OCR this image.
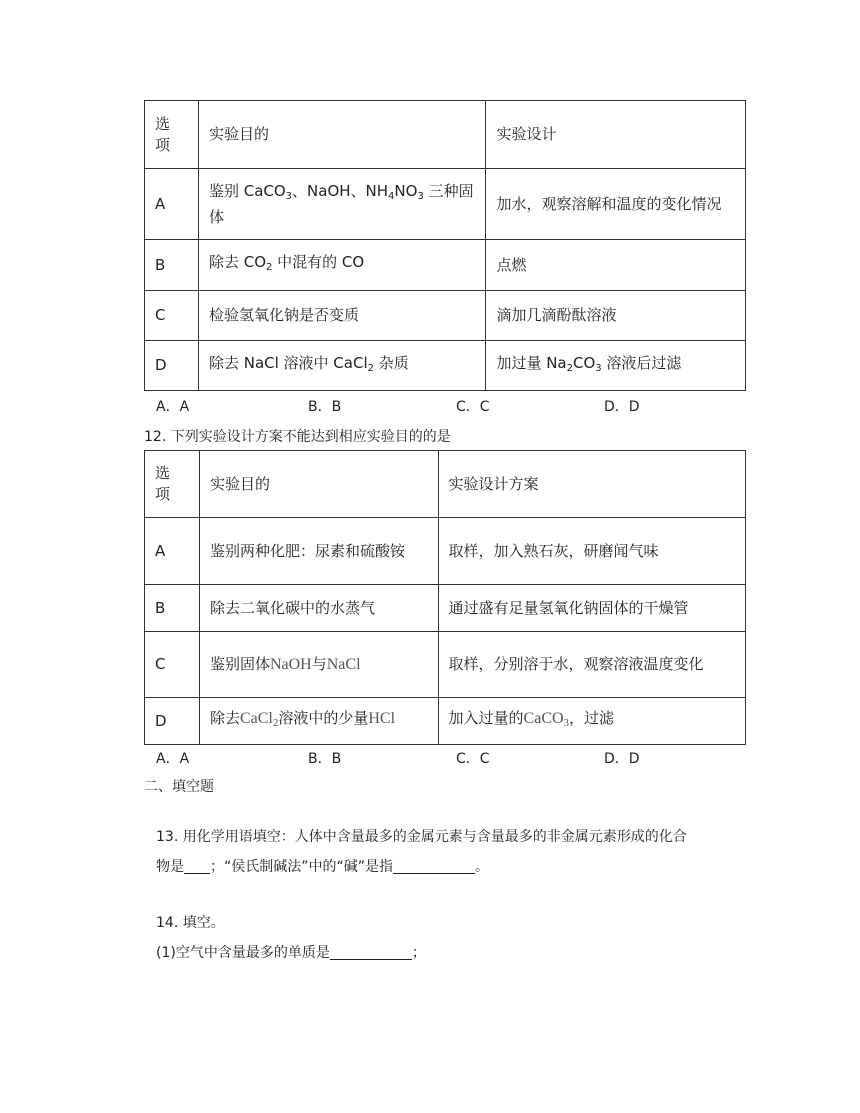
选
项	实验目的	实验设计
A	鉴别 CaCO$_3$、NaOH、$NH_4NO_3$ 三种固体	加水，观察溶解和温度的变化情况
B	除去 $CO_2$ 中混有的 CO	点燃
C	检验氢氧化钠是否变质	滴加几滴酚酞溶液
D	除去 NaCl 溶液中 CaCl$_2$ 杂质	加过量 $Na_2CO_3$ 溶液后过滤
A．A	B．B	C．C	D．D
12. 下列实验设计方案不能达到相应实验目的的是
选
项	实验目的	实验设计方案
A	鉴别两种化肥：尿素和硫酸铵	取样，加入熟石灰，研磨闻气味
B	除去二氧化碳中的水蒸气	通过盛有足量氢氧化钠固体的干燥管
C	鉴别固体NaOH与NaCl	取样，分别溶于水，观察溶液温度变化
D	除去CaCl$_2$溶液中的少量HCl	加入过量的CaCO$_3$，过滤
A．A	B．B	C．C	D．D
二、填空题
13. 用化学用语填空：人体中含量最多的金属元素与含量最多的非金属元素形成的化合
物是 ；“侯氏制碱法”中的“碱”是指	。
14. 填空。
(1)空气中含量最多的单质是	；
